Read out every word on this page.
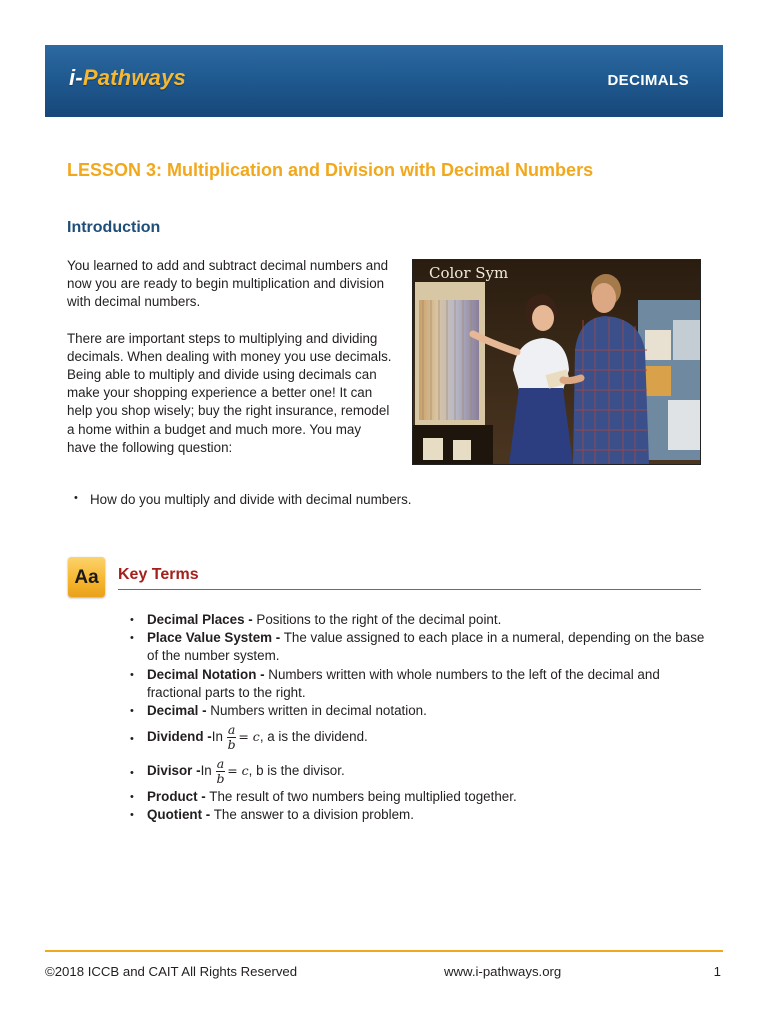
i-Pathways	DECIMALS
LESSON 3: Multiplication and Division with Decimal Numbers
Introduction

You learned to add and subtract decimal numbers and now you are ready to begin multiplication and division with decimal numbers.

There are important steps to multiplying and dividing decimals. When dealing with money you use decimals. Being able to multiply and divide using decimals can make your shopping experience a better one! It can help you shop wisely; buy the right insurance, remodel a home within a budget and much more. You may have the following question:

Color Sym
• How do you multiply and divide with decimal numbers.
Aa	Key Terms
• Decimal Places - Positions to the right of the decimal point.
• Place Value System - The value assigned to each place in a numeral, depending on the base of the number system.
• Decimal Notation - Numbers written with whole numbers to the left of the decimal and fractional parts to the right.
• Decimal - Numbers written in decimal notation.
• Dividend - In $\frac{a}{b} = c$ , a is the dividend.
• Divisor - In $\frac{a}{b} = c$ , b is the divisor.
• Product - The result of two numbers being multiplied together.
• Quotient - The answer to a division problem.
©2018 ICCB and CAIT All Rights Reserved	www.i-pathways.org	1
